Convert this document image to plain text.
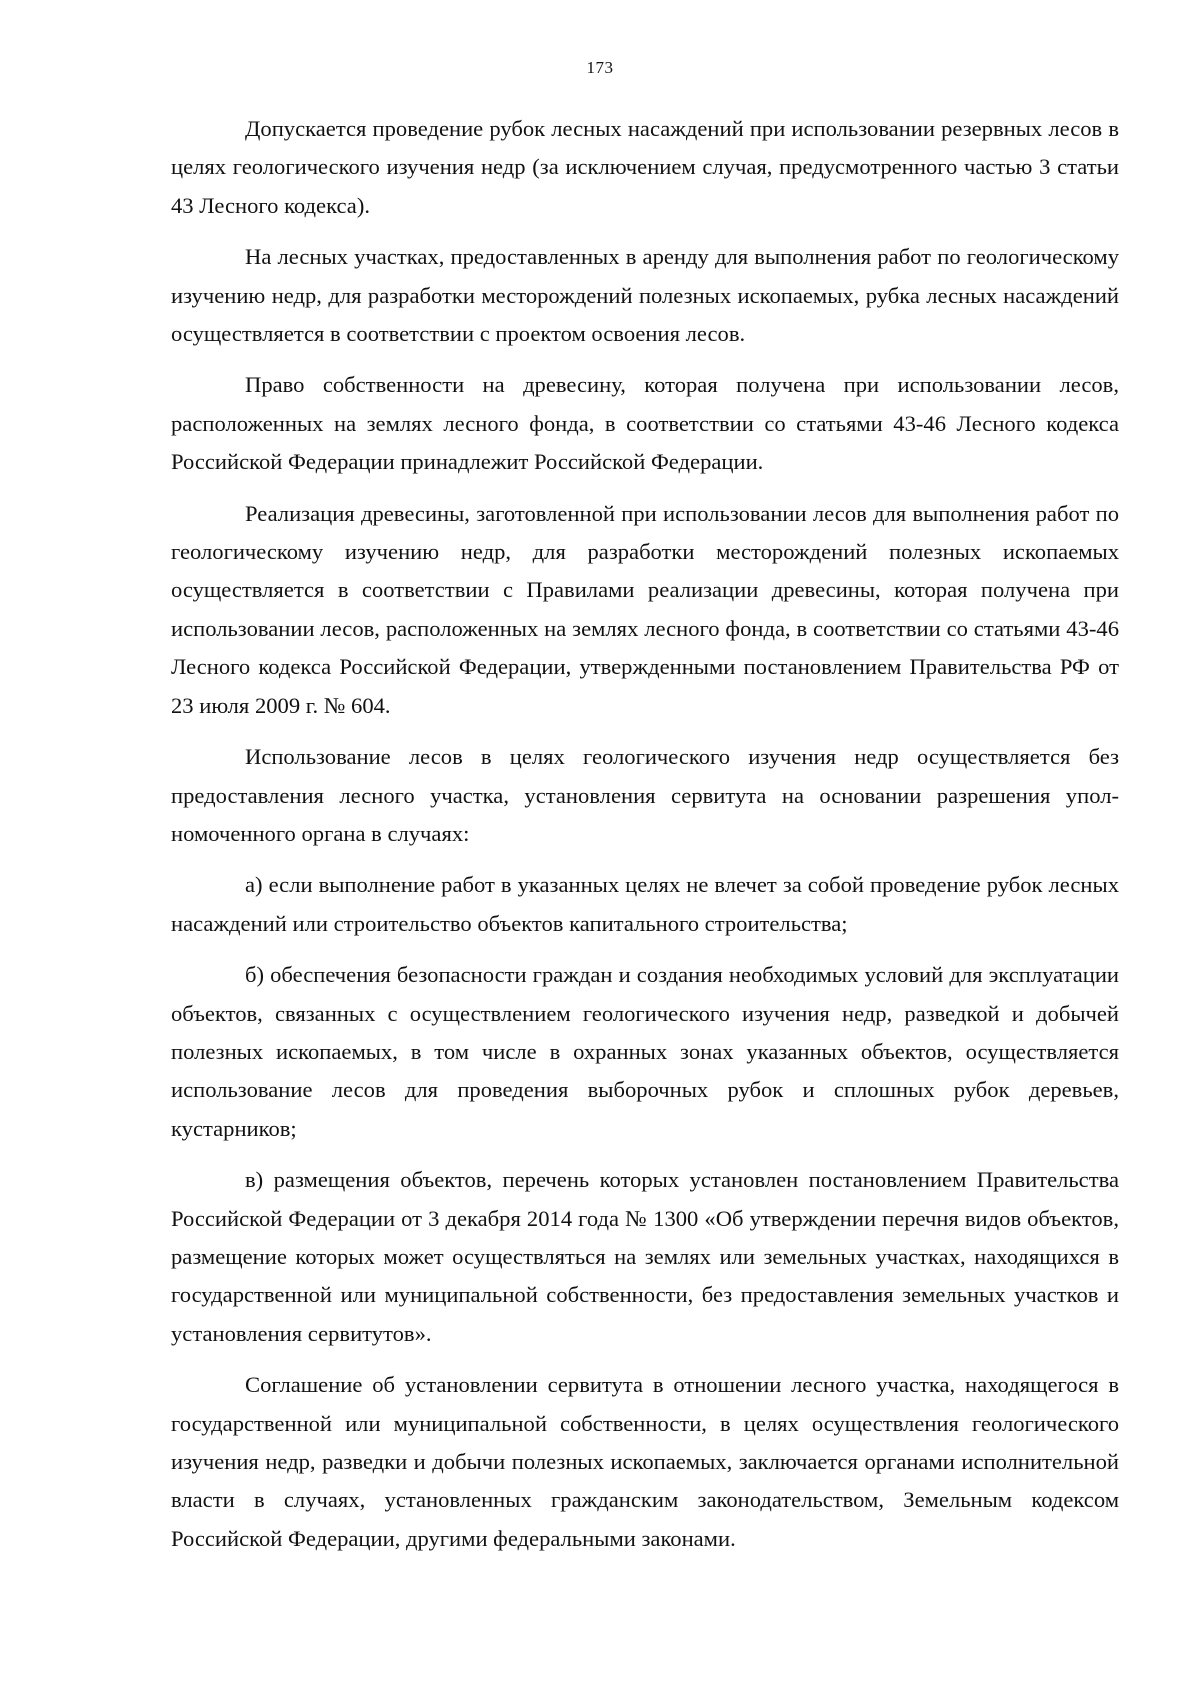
173

Допускается проведение рубок лесных насаждений при использовании резервных лесов в целях геологического изучения недр (за исключением случая, предусмотренного частью 3 статьи 43 Лесного кодекса).

На лесных участках, предоставленных в аренду для выполнения работ по геологическому изучению недр, для разработки месторождений полезных ископаемых, рубка лесных насаждений осуществляется в соответствии с проектом освоения лесов.

Право собственности на древесину, которая получена при использовании лесов, расположенных на землях лесного фонда, в соответствии со статьями 43-46 Лесного кодекса Российской Федерации принадлежит Российской Федерации.

Реализация древесины, заготовленной при использовании лесов для выполнения работ по геологическому изучению недр, для разработки месторождений полезных ископаемых осуществляется в соответствии с Правилами реализации древесины, которая получена при использовании лесов, расположенных на землях лесного фонда, в соответствии со статьями 43-46 Лесного кодекса Российской Федерации, утвержденными постановлением Правительства РФ от 23 июля 2009 г. № 604.

Использование лесов в целях геологического изучения недр осуществляется без предоставления лесного участка, установления сервитута на основании разрешения уполномоченного органа в случаях:

а) если выполнение работ в указанных целях не влечет за собой проведение рубок лесных насаждений или строительство объектов капитального строительства;

б) обеспечения безопасности граждан и создания необходимых условий для эксплуатации объектов, связанных с осуществлением геологического изучения недр, разведкой и добычей полезных ископаемых, в том числе в охранных зонах указанных объектов, осуществляется использование лесов для проведения выборочных рубок и сплошных рубок деревьев, кустарников;

в) размещения объектов, перечень которых установлен постановлением Правительства Российской Федерации от 3 декабря 2014 года № 1300 «Об утверждении перечня видов объектов, размещение которых может осуществляться на землях или земельных участках, находящихся в государственной или муниципальной собственности, без предоставления земельных участков и установления сервитутов».

Соглашение об установлении сервитута в отношении лесного участка, находящегося в государственной или муниципальной собственности, в целях осуществления геологического изучения недр, разведки и добычи полезных ископаемых, заключается органами исполнительной власти в случаях, установленных гражданским законодательством, Земельным кодексом Российской Федерации, другими федеральными законами.
